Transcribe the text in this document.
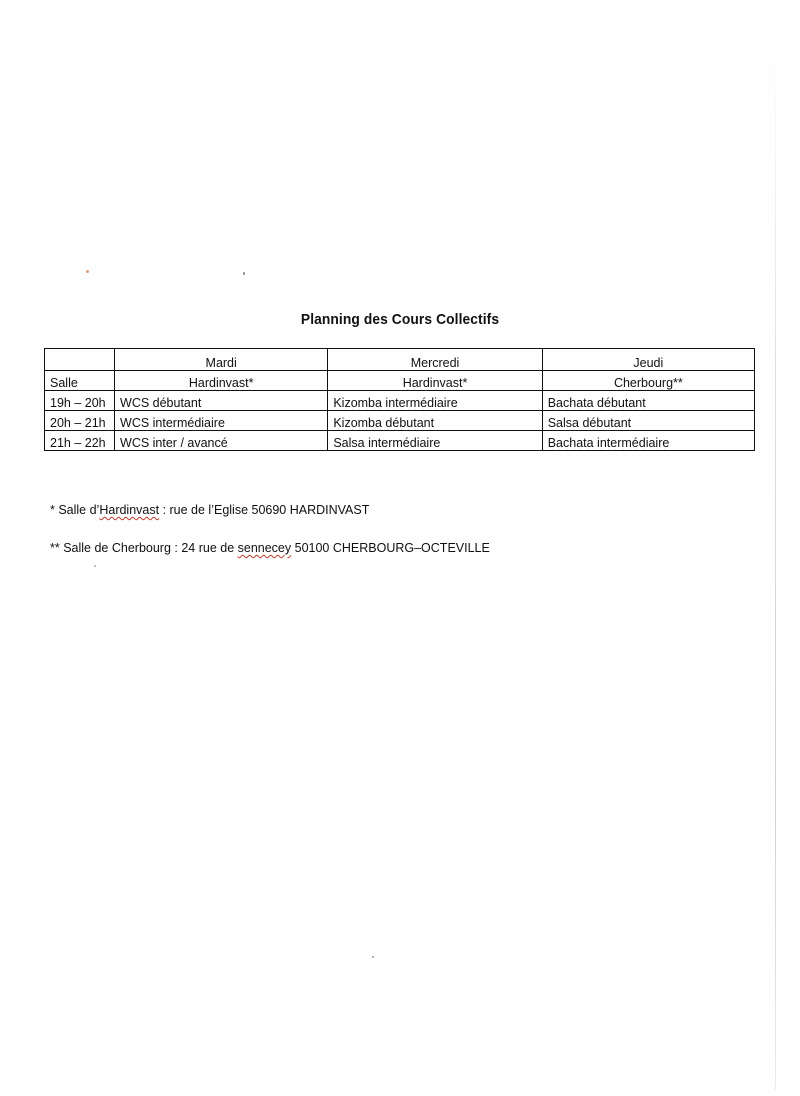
Planning des Cours Collectifs
	Mardi	Mercredi	Jeudi
Salle	Hardinvast*	Hardinvast*	Cherbourg**
19h – 20h	WCS débutant	Kizomba intermédiaire	Bachata débutant
20h – 21h	WCS intermédiaire	Kizomba débutant	Salsa débutant
21h – 22h	WCS inter / avancé	Salsa intermédiaire	Bachata intermédiaire
* Salle d’Hardinvast : rue de l’Eglise 50690 HARDINVAST
** Salle de Cherbourg : 24 rue de sennecey 50100 CHERBOURG–OCTEVILLE
